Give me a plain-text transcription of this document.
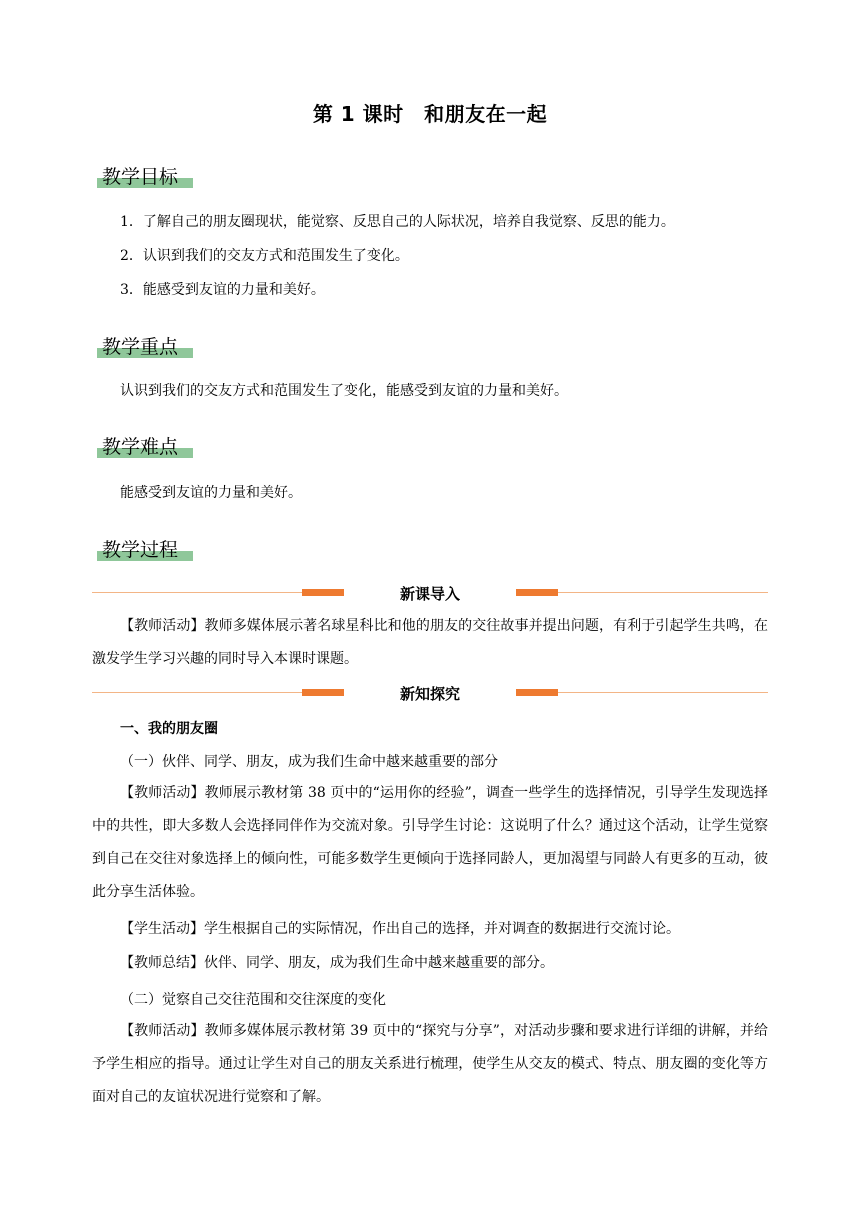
第 1 课时　和朋友在一起
教学目标
1．了解自己的朋友圈现状，能觉察、反思自己的人际状况，培养自我觉察、反思的能力。
2．认识到我们的交友方式和范围发生了变化。
3．能感受到友谊的力量和美好。
教学重点
认识到我们的交友方式和范围发生了变化，能感受到友谊的力量和美好。
教学难点
能感受到友谊的力量和美好。
教学过程
新课导入
【教师活动】教师多媒体展示著名球星科比和他的朋友的交往故事并提出问题，有利于引起学生共鸣，在激发学生学习兴趣的同时导入本课时课题。
新知探究
一、我的朋友圈
（一）伙伴、同学、朋友，成为我们生命中越来越重要的部分
【教师活动】教师展示教材第 38 页中的“运用你的经验”，调查一些学生的选择情况，引导学生发现选择中的共性，即大多数人会选择同伴作为交流对象。引导学生讨论：这说明了什么？通过这个活动，让学生觉察到自己在交往对象选择上的倾向性，可能多数学生更倾向于选择同龄人，更加渴望与同龄人有更多的互动，彼此分享生活体验。
【学生活动】学生根据自己的实际情况，作出自己的选择，并对调查的数据进行交流讨论。
【教师总结】伙伴、同学、朋友，成为我们生命中越来越重要的部分。
（二）觉察自己交往范围和交往深度的变化
【教师活动】教师多媒体展示教材第 39 页中的“探究与分享”，对活动步骤和要求进行详细的讲解，并给予学生相应的指导。通过让学生对自己的朋友关系进行梳理，使学生从交友的模式、特点、朋友圈的变化等方面对自己的友谊状况进行觉察和了解。
